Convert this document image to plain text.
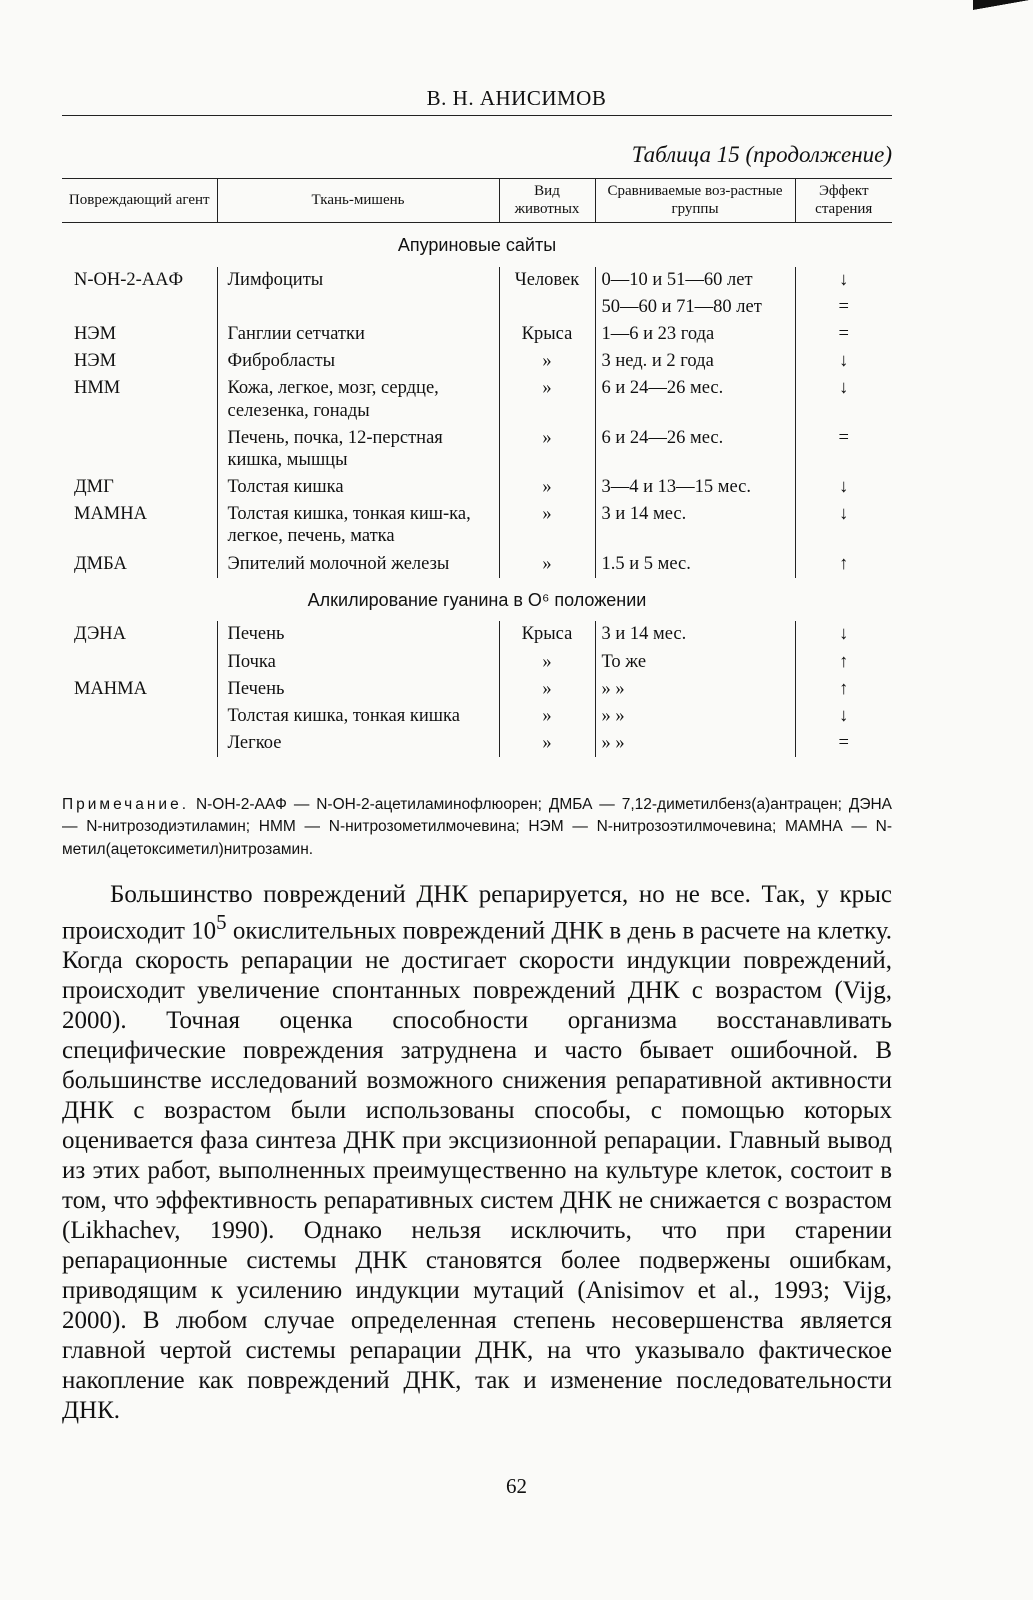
В. Н. АНИСИМОВ
Таблица 15 (продолжение)
Повреждающий агент	Ткань-мишень	Вид животных	Сравниваемые воз-растные группы	Эффект старения
Апуриновые сайты				
N-OH-2-AAФ	Лимфоциты	Человек	0—10 и 51—60 лет	↓
			50—60 и 71—80 лет	=
НЭМ	Ганглии сетчатки	Крыса	1—6 и 23 года	=
НЭМ	Фибробласты	»	3 нед. и 2 года	↓
НММ	Кожа, легкое, мозг, сердце, селезенка, гонады	»	6 и 24—26 мес.	↓
	Печень, почка, 12-перстная кишка, мышцы	»	6 и 24—26 мес.	=
ДМГ	Толстая кишка	»	3—4 и 13—15 мес.	↓
МАМНА	Толстая кишка, тонкая киш-ка, легкое, печень, матка	»	3 и 14 мес.	↓
ДМБА	Эпителий молочной железы	»	1.5 и 5 мес.	↑
Алкилирование гуанина в O⁶ положении				
ДЭНА	Печень	Крыса	3 и 14 мес.	↓
	Почка	»	То же	↑
МАНМА	Печень	»	» »	↑
	Толстая кишка, тонкая кишка	»	» »	↓
	Легкое	»	» »	=
Примечание. N-OH-2-AAФ — N-OH-2-ацетиламинофлюорен; ДМБА — 7,12-диметилбенз(а)антрацен; ДЭНА — N-нитрозодиэтиламин; НММ — N-нитрозометилмочевина; НЭМ — N-нитрозоэтилмочевина; МАМНА — N-метил(ацетоксиметил)нитрозамин.

Большинство повреждений ДНК репарируется, но не все. Так, у крыс происходит $10^5$ окислительных повреждений ДНК в день в расчете на клетку. Когда скорость репарации не достигает скорости индукции повреждений, происходит увеличение спонтанных повреждений ДНК с возрастом (Vijg, 2000). Точная оценка способности организма восстанавливать специфические повреждения затруднена и часто бывает ошибочной. В большинстве исследований возможного снижения репаративной активности ДНК с возрастом были использованы способы, с помощью которых оценивается фаза синтеза ДНК при эксцизионной репарации. Главный вывод из этих работ, выполненных преимущественно на культуре клеток, состоит в том, что эффективность репаративных систем ДНК не снижается с возрастом (Likhachev, 1990). Однако нельзя исключить, что при старении репарационные системы ДНК становятся более подвержены ошибкам, приводящим к усилению индукции мутаций (Anisimov et al., 1993; Vijg, 2000). В любом случае определенная степень несовершенства является главной чертой системы репарации ДНК, на что указывало фактическое накопление как повреждений ДНК, так и изменение последовательности ДНК.

62
